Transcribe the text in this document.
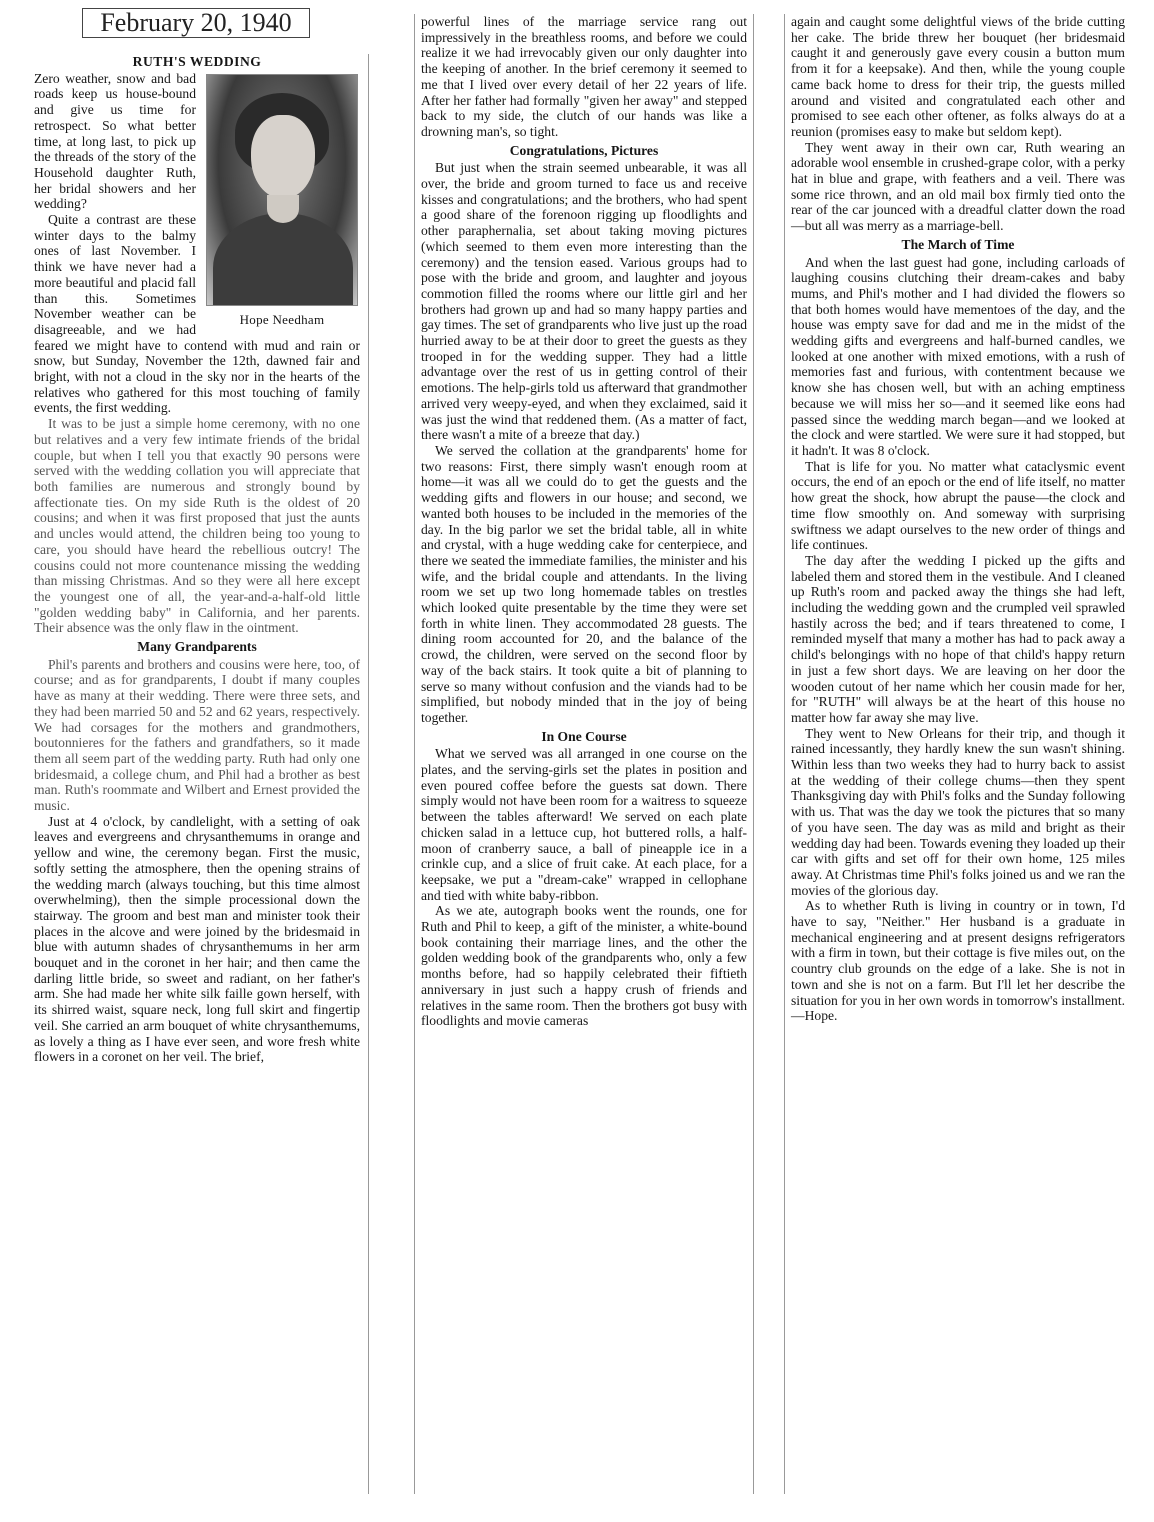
February 20, 1940
RUTH'S WEDDING
Hope Needham

Zero weather, snow and bad roads keep us house-bound and give us time for retrospect. So what better time, at long last, to pick up the threads of the story of the Household daughter Ruth, her bridal showers and her wedding?

Quite a contrast are these winter days to the balmy ones of last November. I think we have never had a more beautiful and placid fall than this. Sometimes November weather can be disagreeable, and we had feared we might have to contend with mud and rain or snow, but Sunday, November the 12th, dawned fair and bright, with not a cloud in the sky nor in the hearts of the relatives who gathered for this most touching of family events, the first wedding.

It was to be just a simple home ceremony, with no one but relatives and a very few intimate friends of the bridal couple, but when I tell you that exactly 90 persons were served with the wedding collation you will appreciate that both families are numerous and strongly bound by affectionate ties. On my side Ruth is the oldest of 20 cousins; and when it was first proposed that just the aunts and uncles would attend, the children being too young to care, you should have heard the rebellious outcry! The cousins could not more countenance missing the wedding than missing Christmas. And so they were all here except the youngest one of all, the year-and-a-half-old little "golden wedding baby" in California, and her parents. Their absence was the only flaw in the ointment.

Many Grandparents

Phil's parents and brothers and cousins were here, too, of course; and as for grandparents, I doubt if many couples have as many at their wedding. There were three sets, and they had been married 50 and 52 and 62 years, respectively. We had corsages for the mothers and grandmothers, boutonnieres for the fathers and grandfathers, so it made them all seem part of the wedding party. Ruth had only one bridesmaid, a college chum, and Phil had a brother as best man. Ruth's roommate and Wilbert and Ernest provided the music.

Just at 4 o'clock, by candlelight, with a setting of oak leaves and evergreens and chrysanthemums in orange and yellow and wine, the ceremony began. First the music, softly setting the atmosphere, then the opening strains of the wedding march (always touching, but this time almost overwhelming), then the simple processional down the stairway. The groom and best man and minister took their places in the alcove and were joined by the bridesmaid in blue with autumn shades of chrysanthemums in her arm bouquet and in the coronet in her hair; and then came the darling little bride, so sweet and radiant, on her father's arm. She had made her white silk faille gown herself, with its shirred waist, square neck, long full skirt and fingertip veil. She carried an arm bouquet of white chrysanthemums, as lovely a thing as I have ever seen, and wore fresh white flowers in a coronet on her veil. The brief,

powerful lines of the marriage service rang out impressively in the breathless rooms, and before we could realize it we had irrevocably given our only daughter into the keeping of another. In the brief ceremony it seemed to me that I lived over every detail of her 22 years of life. After her father had formally "given her away" and stepped back to my side, the clutch of our hands was like a drowning man's, so tight.

Congratulations, Pictures

But just when the strain seemed unbearable, it was all over, the bride and groom turned to face us and receive kisses and congratulations; and the brothers, who had spent a good share of the forenoon rigging up floodlights and other paraphernalia, set about taking moving pictures (which seemed to them even more interesting than the ceremony) and the tension eased. Various groups had to pose with the bride and groom, and laughter and joyous commotion filled the rooms where our little girl and her brothers had grown up and had so many happy parties and gay times. The set of grandparents who live just up the road hurried away to be at their door to greet the guests as they trooped in for the wedding supper. They had a little advantage over the rest of us in getting control of their emotions. The help-girls told us afterward that grandmother arrived very weepy-eyed, and when they exclaimed, said it was just the wind that reddened them. (As a matter of fact, there wasn't a mite of a breeze that day.)

We served the collation at the grandparents' home for two reasons: First, there simply wasn't enough room at home—it was all we could do to get the guests and the wedding gifts and flowers in our house; and second, we wanted both houses to be included in the memories of the day. In the big parlor we set the bridal table, all in white and crystal, with a huge wedding cake for centerpiece, and there we seated the immediate families, the minister and his wife, and the bridal couple and attendants. In the living room we set up two long homemade tables on trestles which looked quite presentable by the time they were set forth in white linen. They accommodated 28 guests. The dining room accounted for 20, and the balance of the crowd, the children, were served on the second floor by way of the back stairs. It took quite a bit of planning to serve so many without confusion and the viands had to be simplified, but nobody minded that in the joy of being together.

In One Course

What we served was all arranged in one course on the plates, and the serving-girls set the plates in position and even poured coffee before the guests sat down. There simply would not have been room for a waitress to squeeze between the tables afterward! We served on each plate chicken salad in a lettuce cup, hot buttered rolls, a half-moon of cranberry sauce, a ball of pineapple ice in a crinkle cup, and a slice of fruit cake. At each place, for a keepsake, we put a "dream-cake" wrapped in cellophane and tied with white baby-ribbon.

As we ate, autograph books went the rounds, one for Ruth and Phil to keep, a gift of the minister, a white-bound book containing their marriage lines, and the other the golden wedding book of the grandparents who, only a few months before, had so happily celebrated their fiftieth anniversary in just such a happy crush of friends and relatives in the same room. Then the brothers got busy with floodlights and movie cameras

again and caught some delightful views of the bride cutting her cake. The bride threw her bouquet (her bridesmaid caught it and generously gave every cousin a button mum from it for a keepsake). And then, while the young couple came back home to dress for their trip, the guests milled around and visited and congratulated each other and promised to see each other oftener, as folks always do at a reunion (promises easy to make but seldom kept).

They went away in their own car, Ruth wearing an adorable wool ensemble in crushed-grape color, with a perky hat in blue and grape, with feathers and a veil. There was some rice thrown, and an old mail box firmly tied onto the rear of the car jounced with a dreadful clatter down the road—but all was merry as a marriage-bell.

The March of Time

And when the last guest had gone, including carloads of laughing cousins clutching their dream-cakes and baby mums, and Phil's mother and I had divided the flowers so that both homes would have mementoes of the day, and the house was empty save for dad and me in the midst of the wedding gifts and evergreens and half-burned candles, we looked at one another with mixed emotions, with a rush of memories fast and furious, with contentment because we know she has chosen well, but with an aching emptiness because we will miss her so—and it seemed like eons had passed since the wedding march began—and we looked at the clock and were startled. We were sure it had stopped, but it hadn't. It was 8 o'clock.

That is life for you. No matter what cataclysmic event occurs, the end of an epoch or the end of life itself, no matter how great the shock, how abrupt the pause—the clock and time flow smoothly on. And someway with surprising swiftness we adapt ourselves to the new order of things and life continues.

The day after the wedding I picked up the gifts and labeled them and stored them in the vestibule. And I cleaned up Ruth's room and packed away the things she had left, including the wedding gown and the crumpled veil sprawled hastily across the bed; and if tears threatened to come, I reminded myself that many a mother has had to pack away a child's belongings with no hope of that child's happy return in just a few short days. We are leaving on her door the wooden cutout of her name which her cousin made for her, for "RUTH" will always be at the heart of this house no matter how far away she may live.

They went to New Orleans for their trip, and though it rained incessantly, they hardly knew the sun wasn't shining. Within less than two weeks they had to hurry back to assist at the wedding of their college chums—then they spent Thanksgiving day with Phil's folks and the Sunday following with us. That was the day we took the pictures that so many of you have seen. The day was as mild and bright as their wedding day had been. Towards evening they loaded up their car with gifts and set off for their own home, 125 miles away. At Christmas time Phil's folks joined us and we ran the movies of the glorious day.

As to whether Ruth is living in country or in town, I'd have to say, "Neither." Her husband is a graduate in mechanical engineering and at present designs refrigerators with a firm in town, but their cottage is five miles out, on the country club grounds on the edge of a lake. She is not in town and she is not on a farm. But I'll let her describe the situation for you in her own words in tomorrow's installment.—Hope.
